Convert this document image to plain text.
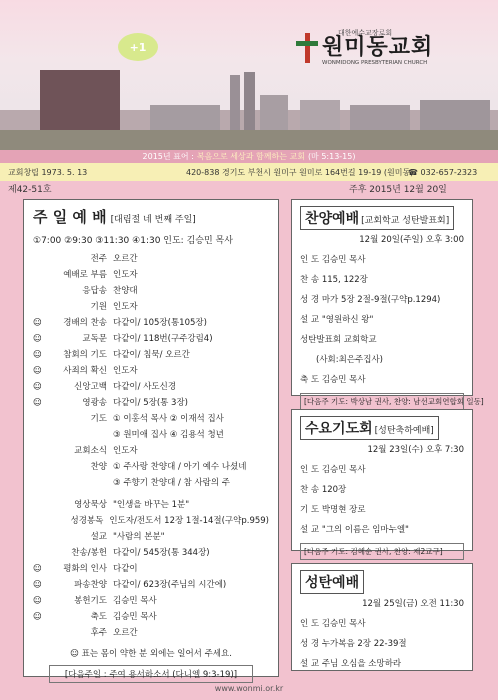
+1
대한예수교장로회
원미동교회
WONMIDONG PRESBYTERIAN CHURCH
2015년 표어 : 복음으로 세상과 함께하는 교회 (마 5:13-15)
교회창립 1973. 5. 13	420-838 경기도 부천시 원미구 원미로 164번길 19-19 (원미동)
☎ 032-657-2323
제42-51호	주후 2015년 12월 20일
주 일 예 배 [대림절 네 번째 주일]
①7:00 ②9:30 ③11:30 ④1:30 인도: 김승민 목사
전주 오르간
예배로 부름 인도자
응답송 찬양대
기원 인도자
☺	경배의 찬송 다같이/ 105장(통105장)
☺	교독문 다같이/ 118번(구주강림4)
☺	참회의 기도 다같이/ 침묵/ 오르간
☺	사죄의 확신 인도자
☺	신앙고백 다같이/ 사도신경
☺	영광송 다같이/ 5장(통 3장)
기도 ① 이홍석 목사 ② 이재석 집사
③ 원미애 집사 ④ 김용석 청년
교회소식 인도자
찬양 ① 주사랑 찬양대 / 아기 예수 나셨네
③ 주향기 찬양대 / 참 사람의 주
영상묵상 "인생을 바꾸는 1분"
성경봉독 인도자/전도서 12장 1절-14절(구약p.959)
설교 "사람의 본분"
찬송/봉헌 다같이/ 545장(통 344장)
☺	평화의 인사 다같이
☺	파송찬양 다같이/ 623장(주님의 시간에)
☺	봉헌기도 김승민 목사
☺	축도 김승민 목사
후주 오르간
☺ 표는 몸이 약한 분 외에는 일어서 주세요.
[다음주일 : 주여 용서하소서 (다니엘 9:3-19)]
찬양예배 [교회학교 성탄발표회]
12월 20일(주일) 오후 3:00
인 도 김승민 목사
찬 송 115, 122장
성 경 마가 5장 2절-9절(구약p.1294)
설 교 "영원하신 왕"
성탄발표회 교회학교
(사회:최은주집사)
축 도 김승민 목사
[다음주 기도: 박상남 권사, 찬양: 남선교회연합회 일동]
수요기도회 [성탄축하예배]
12월 23일(수) 오후 7:30
인 도 김승민 목사
찬 송 120장
기 도 박명현 장로
설 교 "그의 이름은 임마누엘"
[다음주 기도: 김혜순 권사, 찬양: 제2교구]
성탄예배
12월 25일(금) 오전 11:30
인 도 김승민 목사
성 경 누가복음 2장 22-39절
설 교 주님 오심을 소망하라
www.wonmi.or.kr
